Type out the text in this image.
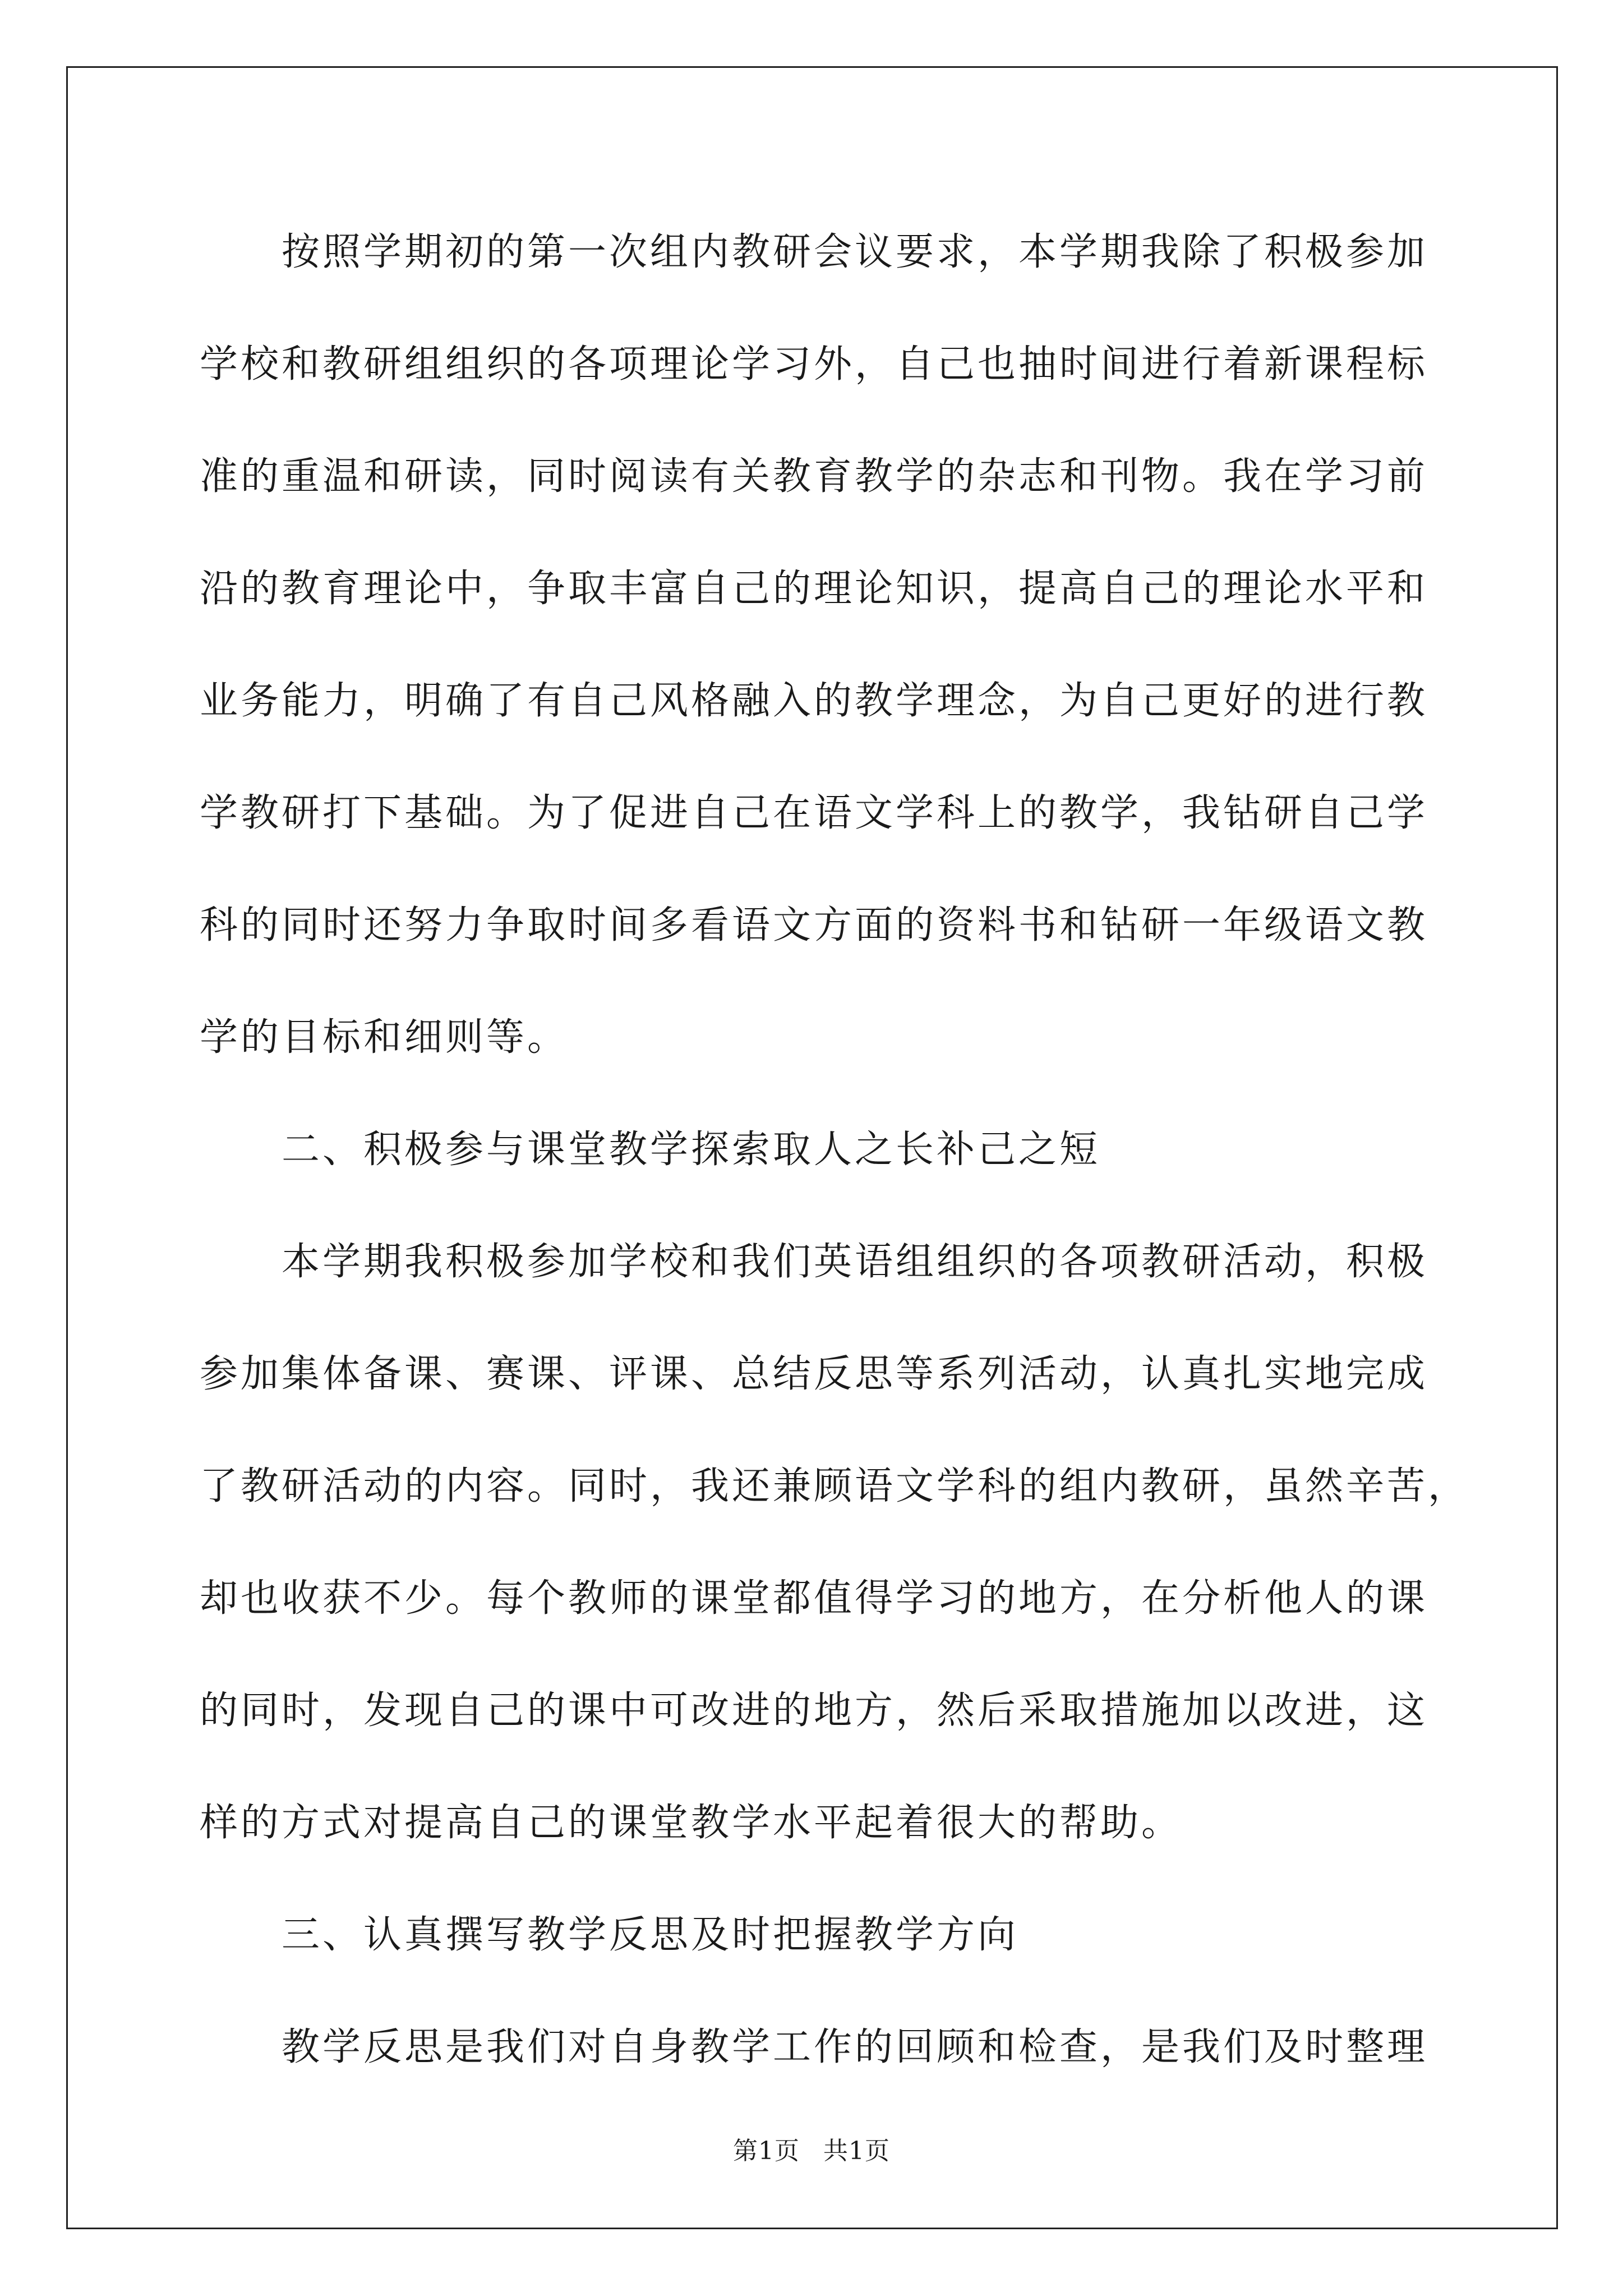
按照学期初的第一次组内教研会议要求，本学期我除了积极参加
学校和教研组组织的各项理论学习外，自己也抽时间进行着新课程标
准的重温和研读，同时阅读有关教育教学的杂志和刊物。我在学习前
沿的教育理论中，争取丰富自己的理论知识，提高自己的理论水平和
业务能力，明确了有自己风格融入的教学理念，为自己更好的进行教
学教研打下基础。为了促进自己在语文学科上的教学，我钻研自己学
科的同时还努力争取时间多看语文方面的资料书和钻研一年级语文教
学的目标和细则等。
二、积极参与课堂教学探索取人之长补己之短
本学期我积极参加学校和我们英语组组织的各项教研活动，积极
参加集体备课、赛课、评课、总结反思等系列活动，认真扎实地完成
了教研活动的内容。同时，我还兼顾语文学科的组内教研，虽然辛苦，
却也收获不少。每个教师的课堂都值得学习的地方，在分析他人的课
的同时，发现自己的课中可改进的地方，然后采取措施加以改进，这
样的方式对提高自己的课堂教学水平起着很大的帮助。
三、认真撰写教学反思及时把握教学方向
教学反思是我们对自身教学工作的回顾和检查，是我们及时整理
第1页 共1页
